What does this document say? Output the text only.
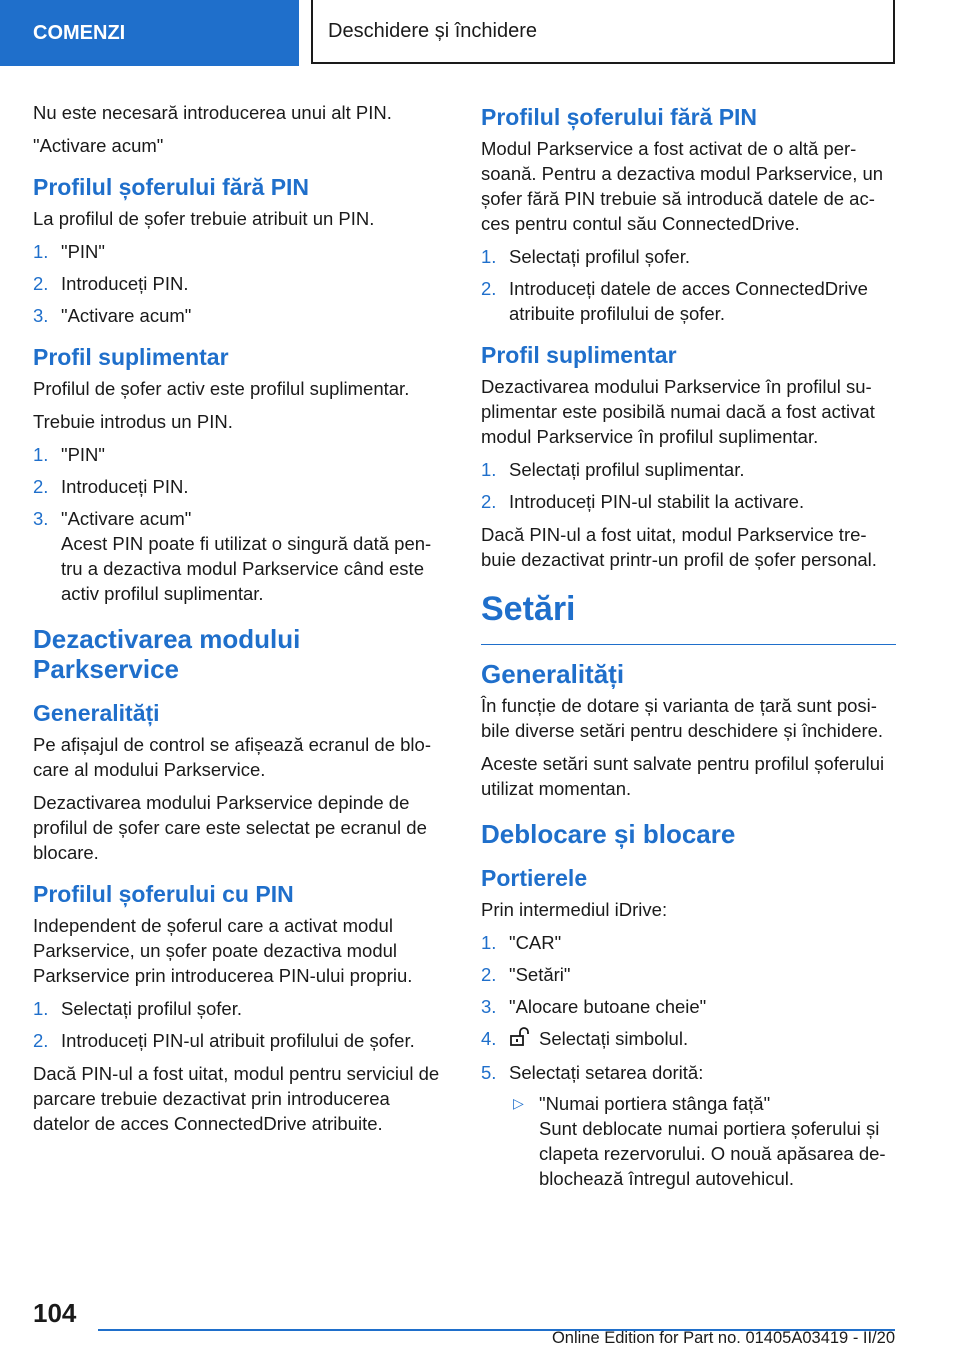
COMENZI	Deschidere și închidere

Nu este necesară introducerea unui alt PIN.

"Activare acum"

Profilul șoferului fără PIN

La profilul de șofer trebuie atribuit un PIN.

1. "PIN"
2. Introduceți PIN.
3. "Activare acum"
Profil suplimentar

Profilul de șofer activ este profilul suplimentar.

Trebuie introdus un PIN.

1. "PIN"
2. Introduceți PIN.
3. "Activare acum"
Acest PIN poate fi utilizat o singură dată pen-tru a dezactiva modul Parkservice când este activ profilul suplimentar.
Dezactivarea modului Parkservice
Generalități

Pe afișajul de control se afișează ecranul de blo-care al modului Parkservice.

Dezactivarea modului Parkservice depinde de profilul de șofer care este selectat pe ecranul de blocare.

Profilul șoferului cu PIN

Independent de șoferul care a activat modul Parkservice, un șofer poate dezactiva modul Parkservice prin introducerea PIN-ului propriu.

1. Selectați profilul șofer.
2. Introduceți PIN-ul atribuit profilului de șofer.

Dacă PIN-ul a fost uitat, modul pentru serviciul de parcare trebuie dezactivat prin introducerea datelor de acces ConnectedDrive atribuite.

Profilul șoferului fără PIN

Modul Parkservice a fost activat de o altă per-soană. Pentru a dezactiva modul Parkservice, un șofer fără PIN trebuie să introducă datele de ac-ces pentru contul său ConnectedDrive.

1. Selectați profilul șofer.
2. Introduceți datele de acces ConnectedDrive atribuite profilului de șofer.
Profil suplimentar

Dezactivarea modului Parkservice în profilul su-plimentar este posibilă numai dacă a fost activat modul Parkservice în profilul suplimentar.

1. Selectați profilul suplimentar.
2. Introduceți PIN-ul stabilit la activare.

Dacă PIN-ul a fost uitat, modul Parkservice tre-buie dezactivat printr-un profil de șofer personal.

Setări
Generalități

În funcție de dotare și varianta de țară sunt posi-bile diverse setări pentru deschidere și închidere.

Aceste setări sunt salvate pentru profilul șoferului utilizat momentan.

Deblocare și blocare
Portierele

Prin intermediul iDrive:

1. "CAR"
2. "Setări"
3. "Alocare butoane cheie"
4. Selectați simbolul.
5. Selectați setarea dorită:
▷ "Numai portiera stânga față"
Sunt deblocate numai portiera șoferului și clapeta rezervorului. O nouă apăsarea de-blochează întregul autovehicul.
104
Online Edition for Part no. 01405A03419 - II/20
